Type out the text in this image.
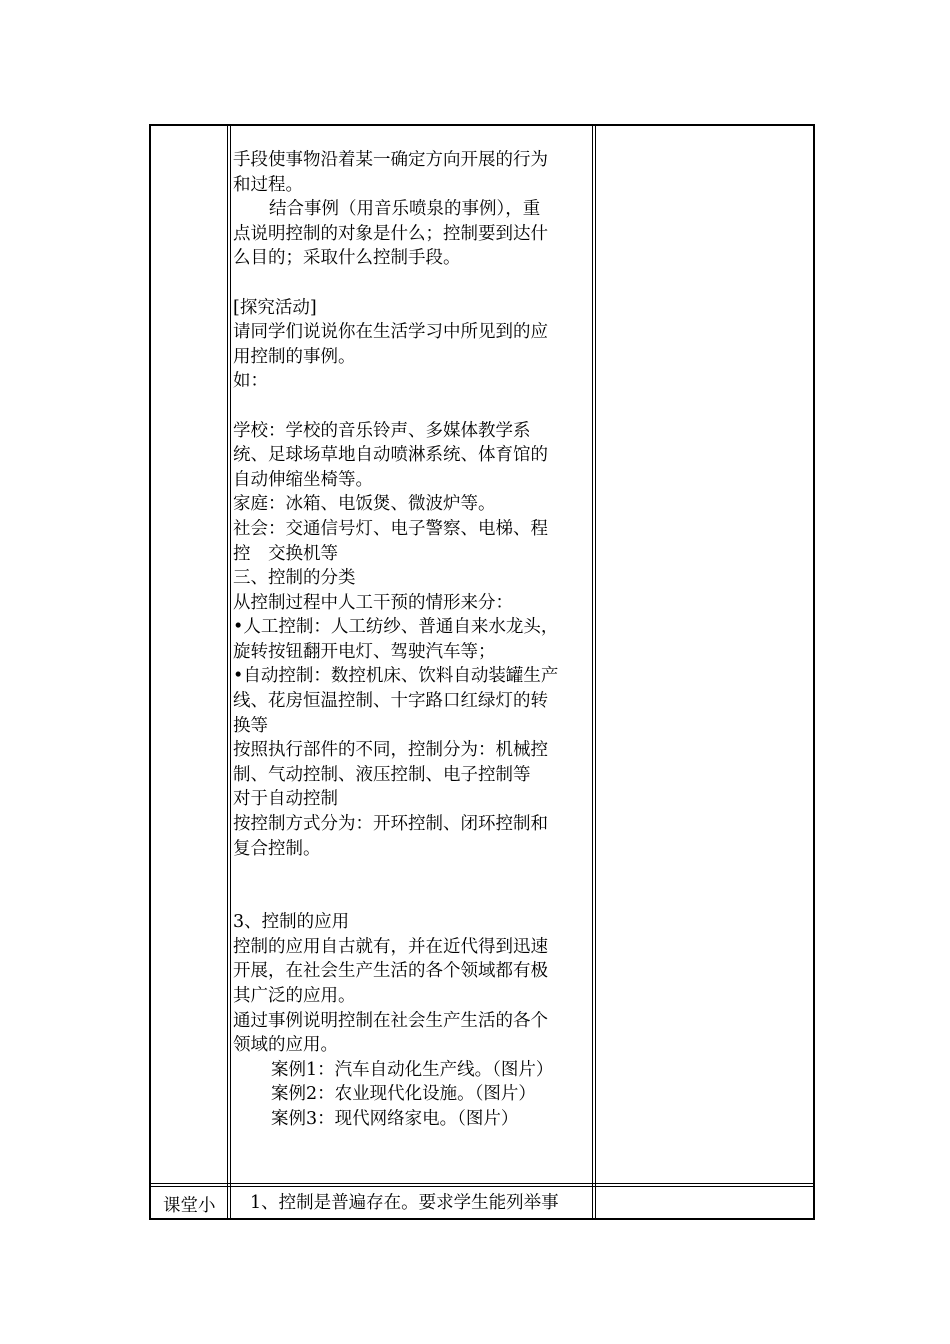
手段使事物沿着某一确定方向开展的行为

和过程。

结合事例（用音乐喷泉的事例），重

点说明控制的对象是什么；控制要到达什

么目的；采取什么控制手段。

[探究活动]

请同学们说说你在生活学习中所见到的应

用控制的事例。

如：

学校：学校的音乐铃声、多媒体教学系

统、足球场草地自动喷淋系统、体育馆的

自动伸缩坐椅等。

家庭：冰箱、电饭煲、微波炉等。

社会：交通信号灯、电子警察、电梯、程

控　交换机等

三、控制的分类

从控制过程中人工干预的情形来分：

•人工控制：人工纺纱、普通自来水龙头，

旋转按钮翻开电灯、驾驶汽车等；

•自动控制：数控机床、饮料自动装罐生产

线、花房恒温控制、十字路口红绿灯的转

换等

按照执行部件的不同，控制分为：机械控

制、气动控制、液压控制、电子控制等

对于自动控制

按控制方式分为：开环控制、闭环控制和

复合控制。

3、控制的应用

控制的应用自古就有，并在近代得到迅速

开展，在社会生产生活的各个领域都有极

其广泛的应用。

通过事例说明控制在社会生产生活的各个

领域的应用。

案例1：汽车自动化生产线。（图片）

案例2：农业现代化设施。（图片）

案例3：现代网络家电。（图片）

课堂小 1、控制是普遍存在。要求学生能列举事
